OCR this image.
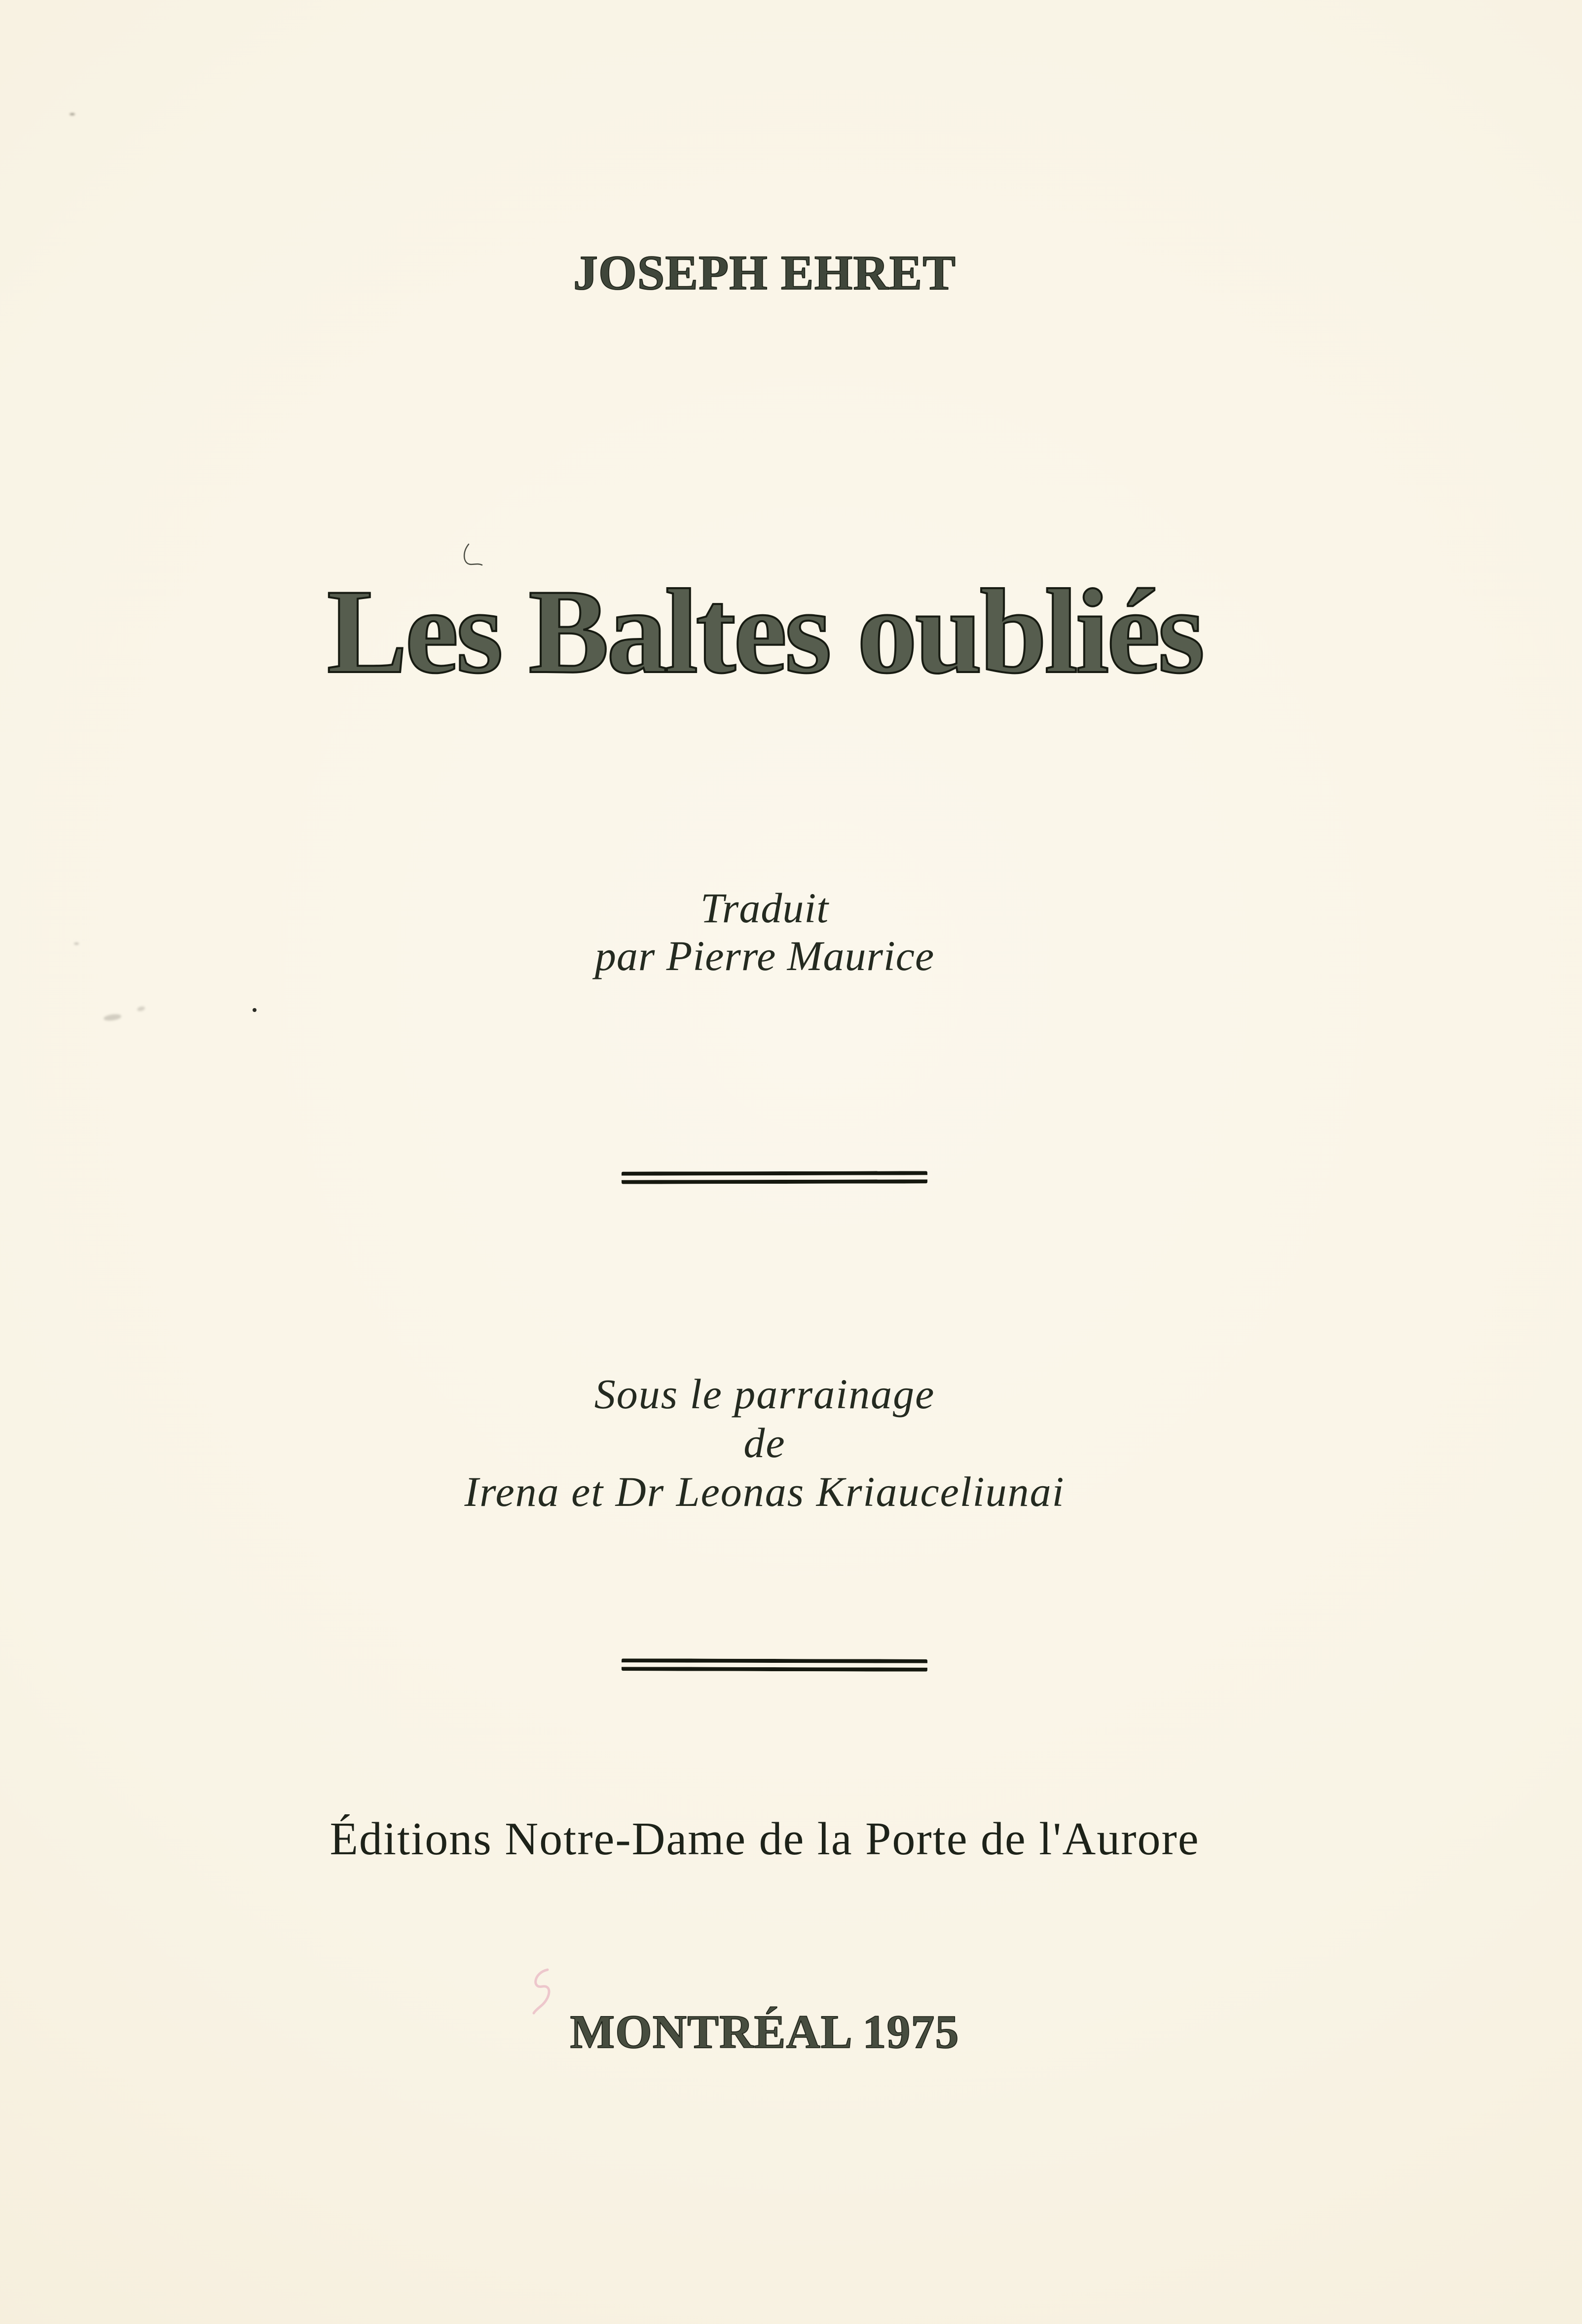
JOSEPH EHRET
Les Baltes oubliés
Traduit
par Pierre Maurice
Sous le parrainage
de
Irena et Dr Leonas Kriauceliunai
Éditions Notre-Dame de la Porte de l'Aurore
MONTRÉAL 1975
